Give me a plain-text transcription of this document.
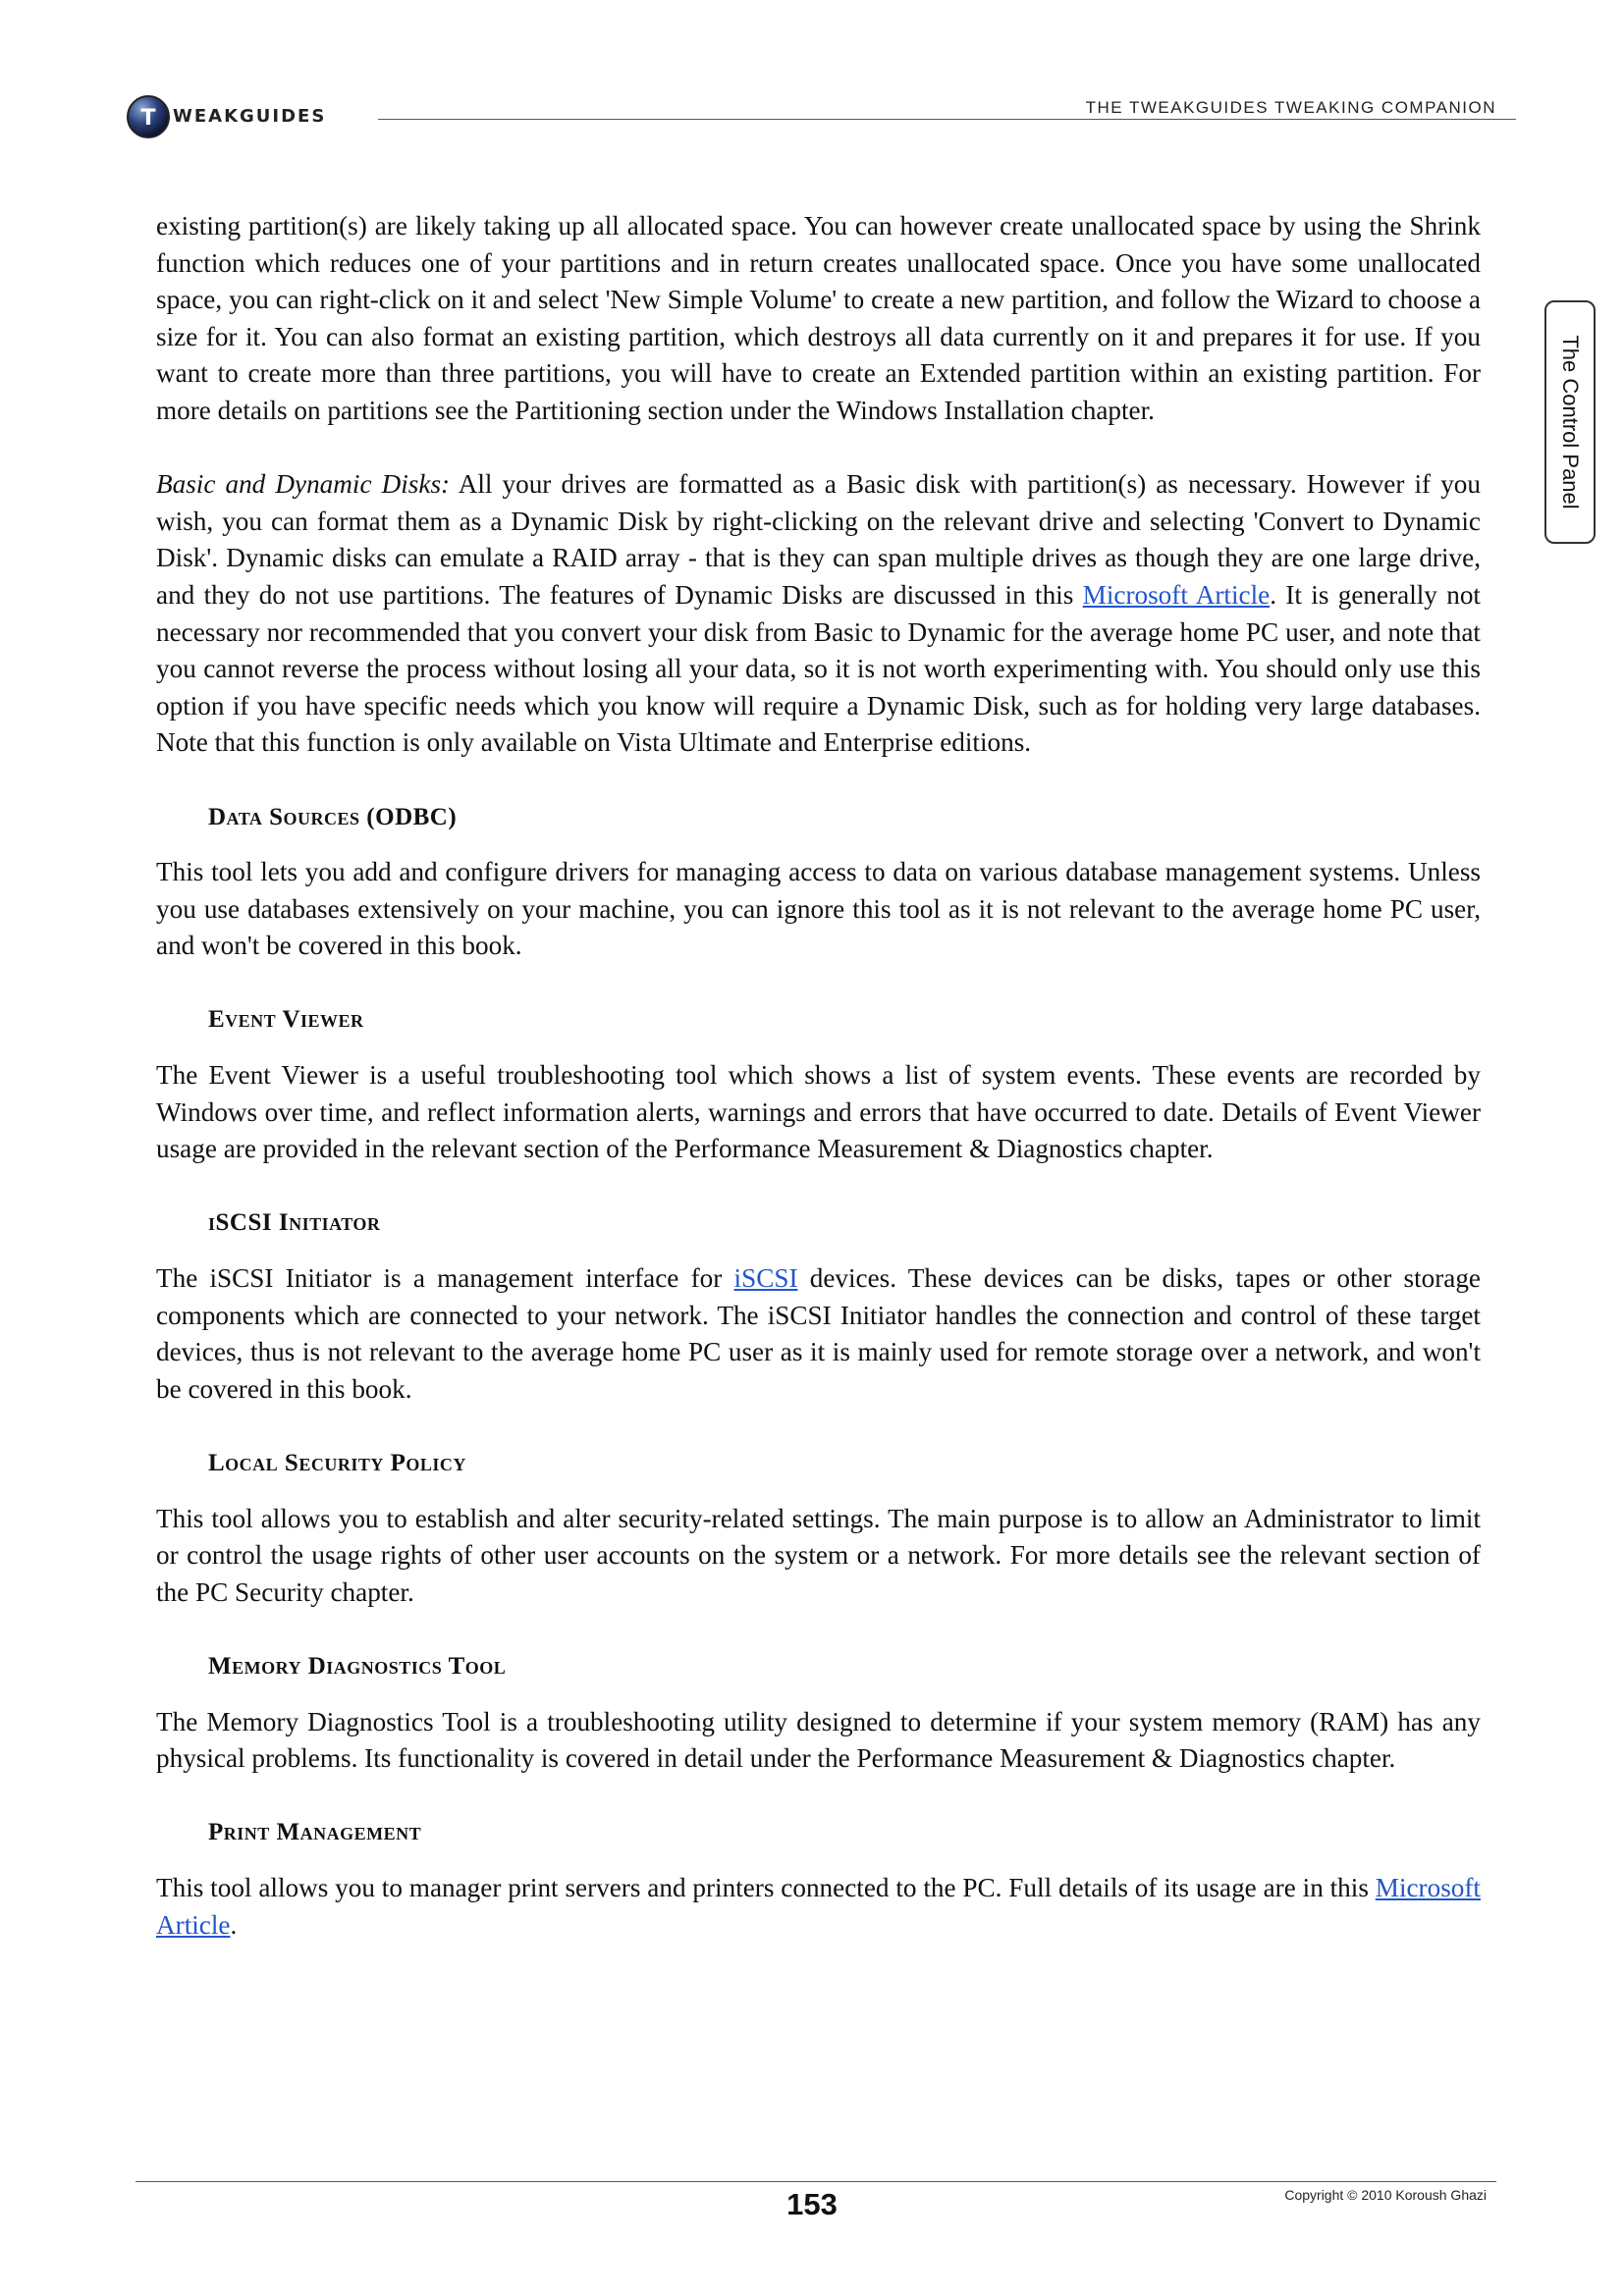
T WEAKGUIDES	THE TWEAKGUIDES TWEAKING COMPANION
The Control Panel

existing partition(s) are likely taking up all allocated space. You can however create unallocated space by using the Shrink function which reduces one of your partitions and in return creates unallocated space. Once you have some unallocated space, you can right-click on it and select 'New Simple Volume' to create a new partition, and follow the Wizard to choose a size for it. You can also format an existing partition, which destroys all data currently on it and prepares it for use. If you want to create more than three partitions, you will have to create an Extended partition within an existing partition. For more details on partitions see the Partitioning section under the Windows Installation chapter.

Basic and Dynamic Disks: All your drives are formatted as a Basic disk with partition(s) as necessary. However if you wish, you can format them as a Dynamic Disk by right-clicking on the relevant drive and selecting 'Convert to Dynamic Disk'. Dynamic disks can emulate a RAID array - that is they can span multiple drives as though they are one large drive, and they do not use partitions. The features of Dynamic Disks are discussed in this Microsoft Article. It is generally not necessary nor recommended that you convert your disk from Basic to Dynamic for the average home PC user, and note that you cannot reverse the process without losing all your data, so it is not worth experimenting with. You should only use this option if you have specific needs which you know will require a Dynamic Disk, such as for holding very large databases. Note that this function is only available on Vista Ultimate and Enterprise editions.

Data Sources (ODBC)

This tool lets you add and configure drivers for managing access to data on various database management systems. Unless you use databases extensively on your machine, you can ignore this tool as it is not relevant to the average home PC user, and won't be covered in this book.

Event Viewer

The Event Viewer is a useful troubleshooting tool which shows a list of system events. These events are recorded by Windows over time, and reflect information alerts, warnings and errors that have occurred to date. Details of Event Viewer usage are provided in the relevant section of the Performance Measurement & Diagnostics chapter.

iSCSI Initiator

The iSCSI Initiator is a management interface for iSCSI devices. These devices can be disks, tapes or other storage components which are connected to your network. The iSCSI Initiator handles the connection and control of these target devices, thus is not relevant to the average home PC user as it is mainly used for remote storage over a network, and won't be covered in this book.

Local Security Policy

This tool allows you to establish and alter security-related settings. The main purpose is to allow an Administrator to limit or control the usage rights of other user accounts on the system or a network. For more details see the relevant section of the PC Security chapter.

Memory Diagnostics Tool

The Memory Diagnostics Tool is a troubleshooting utility designed to determine if your system memory (RAM) has any physical problems. Its functionality is covered in detail under the Performance Measurement & Diagnostics chapter.

Print Management

This tool allows you to manager print servers and printers connected to the PC. Full details of its usage are in this Microsoft Article.

153	Copyright © 2010 Koroush Ghazi
